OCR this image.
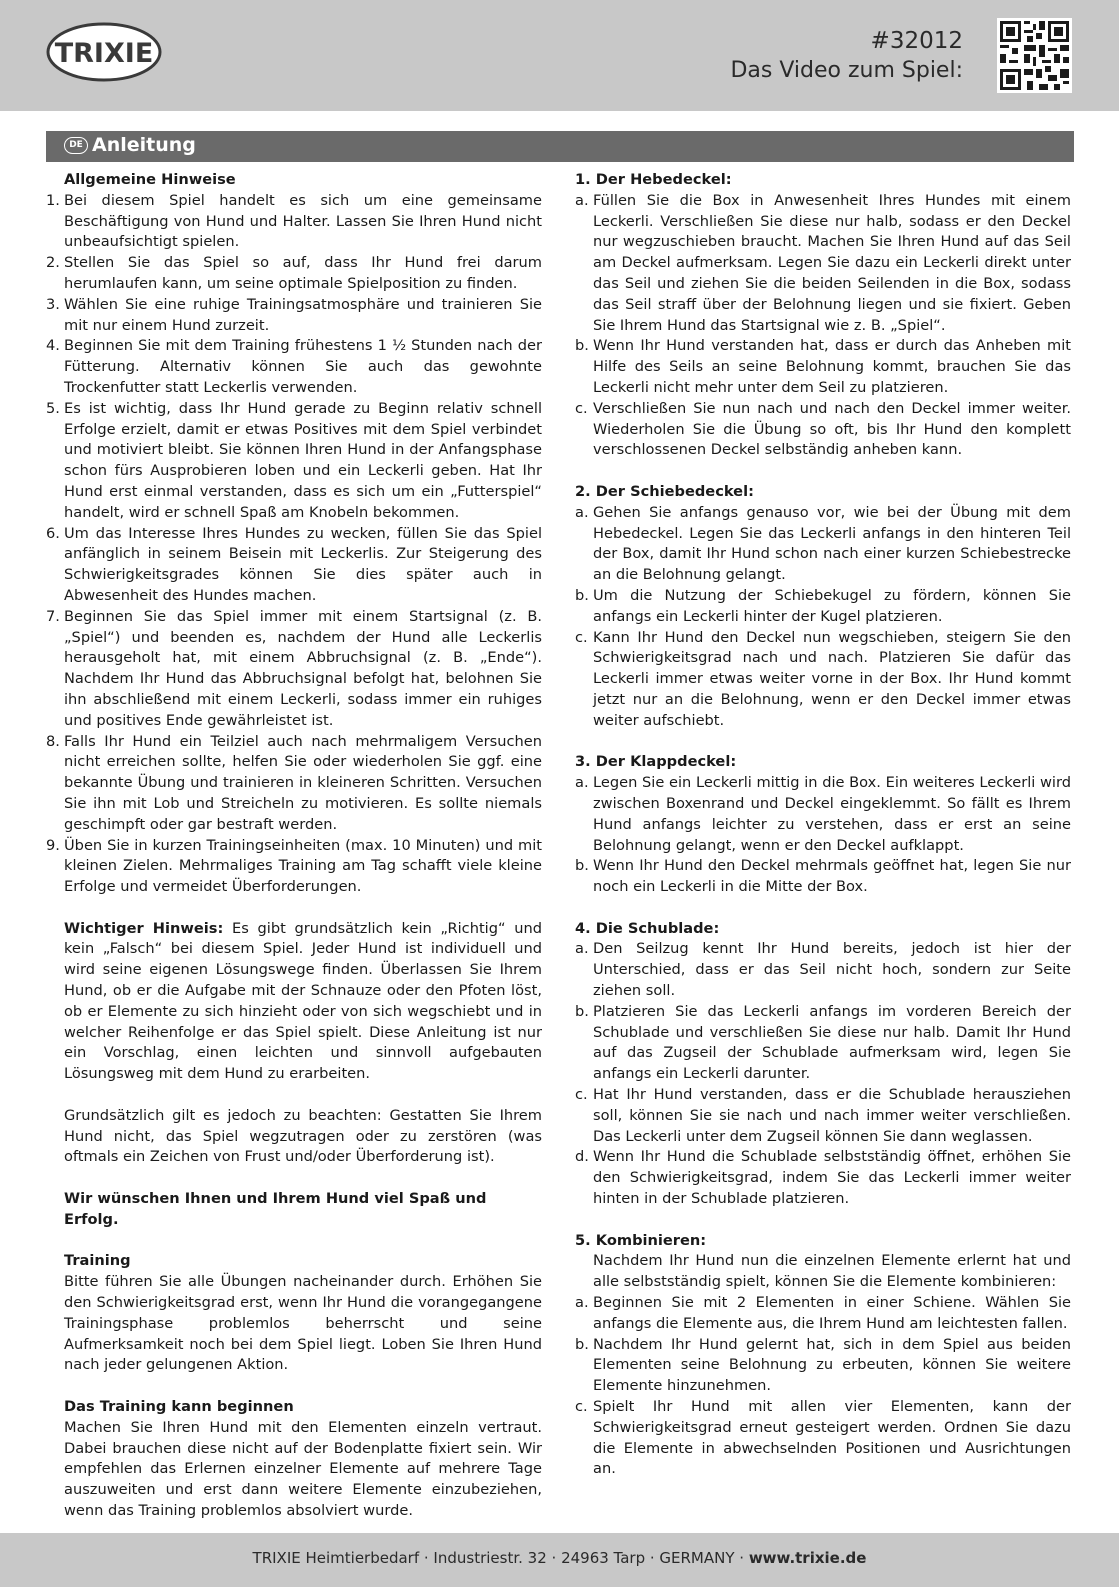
TRIXIE	#32012
Das Video zum Spiel:
DE Anleitung

Allgemeine Hinweise

1. Bei diesem Spiel handelt es sich um eine gemeinsame Beschäftigung von Hund und Halter. Lassen Sie Ihren Hund nicht unbeaufsichtigt spielen.
2. Stellen Sie das Spiel so auf, dass Ihr Hund frei darum herumlaufen kann, um seine optimale Spielposition zu finden.
3. Wählen Sie eine ruhige Trainingsatmosphäre und trainieren Sie mit nur einem Hund zurzeit.
4. Beginnen Sie mit dem Training frühestens 1 ½ Stunden nach der Fütterung. Alternativ können Sie auch das gewohnte Trockenfutter statt Leckerlis verwenden.
5. Es ist wichtig, dass Ihr Hund gerade zu Beginn relativ schnell Erfolge erzielt, damit er etwas Positives mit dem Spiel verbindet und motiviert bleibt. Sie können Ihren Hund in der Anfangsphase schon fürs Ausprobieren loben und ein Leckerli geben. Hat Ihr Hund erst einmal verstanden, dass es sich um ein „Futterspiel“ handelt, wird er schnell Spaß am Knobeln bekommen.
6. Um das Interesse Ihres Hundes zu wecken, füllen Sie das Spiel anfänglich in seinem Beisein mit Leckerlis. Zur Steigerung des Schwierigkeitsgrades können Sie dies später auch in Abwesenheit des Hundes machen.
7. Beginnen Sie das Spiel immer mit einem Startsignal (z. B. „Spiel“) und beenden es, nachdem der Hund alle Leckerlis herausgeholt hat, mit einem Abbruchsignal (z. B. „Ende“). Nachdem Ihr Hund das Abbruchsignal befolgt hat, belohnen Sie ihn abschließend mit einem Leckerli, sodass immer ein ruhiges und positives Ende gewährleistet ist.
8. Falls Ihr Hund ein Teilziel auch nach mehrmaligem Versuchen nicht erreichen sollte, helfen Sie oder wiederholen Sie ggf. eine bekannte Übung und trainieren in kleineren Schritten. Versuchen Sie ihn mit Lob und Streicheln zu motivieren. Es sollte niemals geschimpft oder gar bestraft werden.
9. Üben Sie in kurzen Trainingseinheiten (max. 10 Minuten) und mit kleinen Zielen. Mehrmaliges Training am Tag schafft viele kleine Erfolge und vermeidet Überforderungen.

Wichtiger Hinweis: Es gibt grundsätzlich kein „Richtig“ und kein „Falsch“ bei diesem Spiel. Jeder Hund ist individuell und wird seine eigenen Lösungswege finden. Überlassen Sie Ihrem Hund, ob er die Aufgabe mit der Schnauze oder den Pfoten löst, ob er Elemente zu sich hinzieht oder von sich wegschiebt und in welcher Reihenfolge er das Spiel spielt. Diese Anleitung ist nur ein Vorschlag, einen leichten und sinnvoll aufgebauten Lösungsweg mit dem Hund zu erarbeiten.

Grundsätzlich gilt es jedoch zu beachten: Gestatten Sie Ihrem Hund nicht, das Spiel wegzutragen oder zu zerstören (was oftmals ein Zeichen von Frust und/oder Überforderung ist).

Wir wünschen Ihnen und Ihrem Hund viel Spaß und Erfolg.

Training

Bitte führen Sie alle Übungen nacheinander durch. Erhöhen Sie den Schwierigkeitsgrad erst, wenn Ihr Hund die vorangegangene Trainingsphase problemlos beherrscht und seine Aufmerksamkeit noch bei dem Spiel liegt. Loben Sie Ihren Hund nach jeder gelungenen Aktion.

Das Training kann beginnen

Machen Sie Ihren Hund mit den Elementen einzeln vertraut. Dabei brauchen diese nicht auf der Bodenplatte fixiert sein. Wir empfehlen das Erlernen einzelner Elemente auf mehrere Tage auszuweiten und erst dann weitere Elemente einzubeziehen, wenn das Training problemlos absolviert wurde.

1. Der Hebedeckel:

a. Füllen Sie die Box in Anwesenheit Ihres Hundes mit einem Leckerli. Verschließen Sie diese nur halb, sodass er den Deckel nur wegzuschieben braucht. Machen Sie Ihren Hund auf das Seil am Deckel aufmerksam. Legen Sie dazu ein Leckerli direkt unter das Seil und ziehen Sie die beiden Seilenden in die Box, sodass das Seil straff über der Belohnung liegen und sie fixiert. Geben Sie Ihrem Hund das Startsignal wie z. B. „Spiel“.
b. Wenn Ihr Hund verstanden hat, dass er durch das Anheben mit Hilfe des Seils an seine Belohnung kommt, brauchen Sie das Leckerli nicht mehr unter dem Seil zu platzieren.
c. Verschließen Sie nun nach und nach den Deckel immer weiter. Wiederholen Sie die Übung so oft, bis Ihr Hund den komplett verschlossenen Deckel selbständig anheben kann.

2. Der Schiebedeckel:

a. Gehen Sie anfangs genauso vor, wie bei der Übung mit dem Hebedeckel. Legen Sie das Leckerli anfangs in den hinteren Teil der Box, damit Ihr Hund schon nach einer kurzen Schiebestrecke an die Belohnung gelangt.
b. Um die Nutzung der Schiebekugel zu fördern, können Sie anfangs ein Leckerli hinter der Kugel platzieren.
c. Kann Ihr Hund den Deckel nun wegschieben, steigern Sie den Schwierigkeitsgrad nach und nach. Platzieren Sie dafür das Leckerli immer etwas weiter vorne in der Box. Ihr Hund kommt jetzt nur an die Belohnung, wenn er den Deckel immer etwas weiter aufschiebt.

3. Der Klappdeckel:

a. Legen Sie ein Leckerli mittig in die Box. Ein weiteres Leckerli wird zwischen Boxenrand und Deckel eingeklemmt. So fällt es Ihrem Hund anfangs leichter zu verstehen, dass er erst an seine Belohnung gelangt, wenn er den Deckel aufklappt.
b. Wenn Ihr Hund den Deckel mehrmals geöffnet hat, legen Sie nur noch ein Leckerli in die Mitte der Box.

4. Die Schublade:

a. Den Seilzug kennt Ihr Hund bereits, jedoch ist hier der Unterschied, dass er das Seil nicht hoch, sondern zur Seite ziehen soll.
b. Platzieren Sie das Leckerli anfangs im vorderen Bereich der Schublade und verschließen Sie diese nur halb. Damit Ihr Hund auf das Zugseil der Schublade aufmerksam wird, legen Sie anfangs ein Leckerli darunter.
c. Hat Ihr Hund verstanden, dass er die Schublade herausziehen soll, können Sie sie nach und nach immer weiter verschließen. Das Leckerli unter dem Zugseil können Sie dann weglassen.
d. Wenn Ihr Hund die Schublade selbstständig öffnet, erhöhen Sie den Schwierigkeitsgrad, indem Sie das Leckerli immer weiter hinten in der Schublade platzieren.

5. Kombinieren:

Nachdem Ihr Hund nun die einzelnen Elemente erlernt hat und alle selbstständig spielt, können Sie die Elemente kombinieren:

a. Beginnen Sie mit 2 Elementen in einer Schiene. Wählen Sie anfangs die Elemente aus, die Ihrem Hund am leichtesten fallen.
b. Nachdem Ihr Hund gelernt hat, sich in dem Spiel aus beiden Elementen seine Belohnung zu erbeuten, können Sie weitere Elemente hinzunehmen.
c. Spielt Ihr Hund mit allen vier Elementen, kann der Schwierigkeitsgrad erneut gesteigert werden. Ordnen Sie dazu die Elemente in abwechselnden Positionen und Ausrichtungen an.
TRIXIE Heimtierbedarf · Industriestr. 32 · 24963 Tarp · GERMANY · www.trixie.de
